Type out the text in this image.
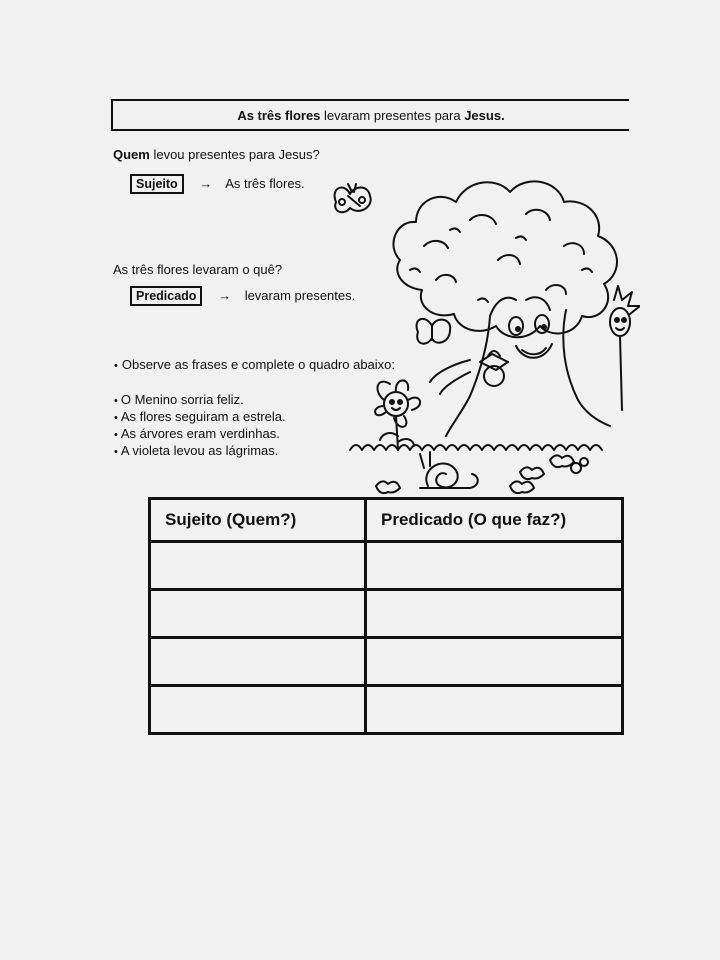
As três flores levaram presentes para Jesus.
Quem levou presentes para Jesus?
Sujeito → As três flores.
As três flores levaram o quê?
Predicado → levaram presentes.
• Observe as frases e complete o quadro abaixo:
• O Menino sorria feliz.
• As flores seguiram a estrela.
• As árvores eram verdinhas.
• A violeta levou as lágrimas.
Sujeito (Quem?)	Predicado (O que faz?)
